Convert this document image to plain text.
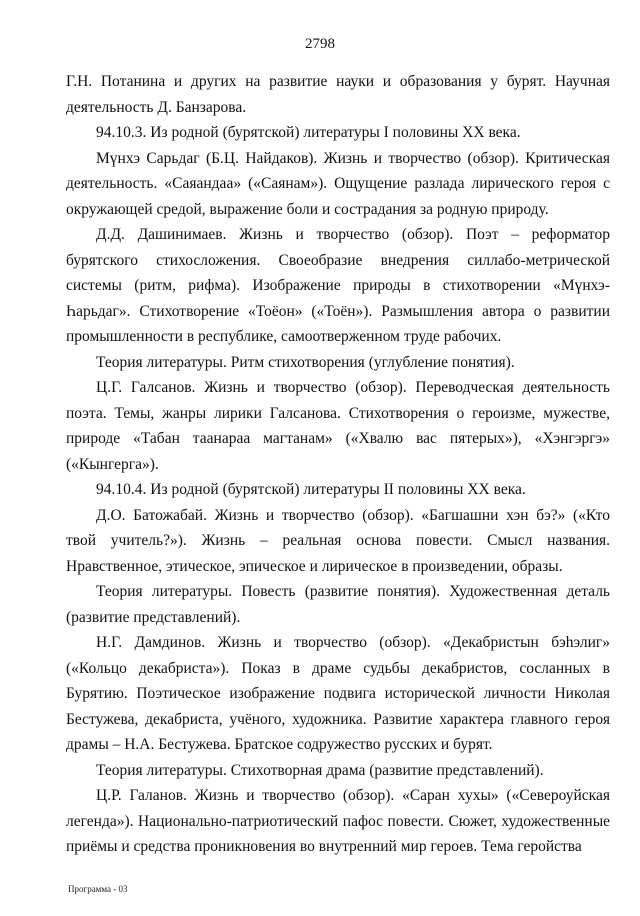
2798

Г.Н. Потанина и других на развитие науки и образования у бурят. Научная деятельность Д. Банзарова.

94.10.3. Из родной (бурятской) литературы I половины XX века.

Мүнхэ Сарьдаг (Б.Ц. Найдаков). Жизнь и творчество (обзор). Критическая деятельность. «Саяандаа» («Саянам»). Ощущение разлада лирического героя с окружающей средой, выражение боли и сострадания за родную природу.

Д.Д. Дашинимаев. Жизнь и творчество (обзор). Поэт – реформатор бурятского стихосложения. Своеобразие внедрения силлабо-метрической системы (ритм, рифма). Изображение природы в стихотворении «Мүнхэ-Һарьдаг». Стихотворение «Тоёон» («Тоён»). Размышления автора о развитии промышленности в республике, самоотверженном труде рабочих.

Теория литературы. Ритм стихотворения (углубление понятия).

Ц.Г. Галсанов. Жизнь и творчество (обзор). Переводческая деятельность поэта. Темы, жанры лирики Галсанова. Стихотворения о героизме, мужестве, природе «Табан таанараа магтанам» («Хвалю вас пятерых»), «Хэнгэргэ» («Кынгерга»).

94.10.4. Из родной (бурятской) литературы II половины XX века.

Д.О. Батожабай. Жизнь и творчество (обзор). «Багшашни хэн бэ?» («Кто твой учитель?»). Жизнь – реальная основа повести. Смысл названия. Нравственное, этическое, эпическое и лирическое в произведении, образы.

Теория литературы. Повесть (развитие понятия). Художественная деталь (развитие представлений).

Н.Г. Дамдинов. Жизнь и творчество (обзор). «Декабристын бэһэлиг» («Кольцо декабриста»). Показ в драме судьбы декабристов, сосланных в Бурятию. Поэтическое изображение подвига исторической личности Николая Бестужева, декабриста, учёного, художника. Развитие характера главного героя драмы – Н.А. Бестужева. Братское содружество русских и бурят.

Теория литературы. Стихотворная драма (развитие представлений).

Ц.Р. Галанов. Жизнь и творчество (обзор). «Саран хухы» («Североуйская легенда»). Национально-патриотический пафос повести. Сюжет, художественные приёмы и средства проникновения во внутренний мир героев. Тема геройства

Программа - 03
